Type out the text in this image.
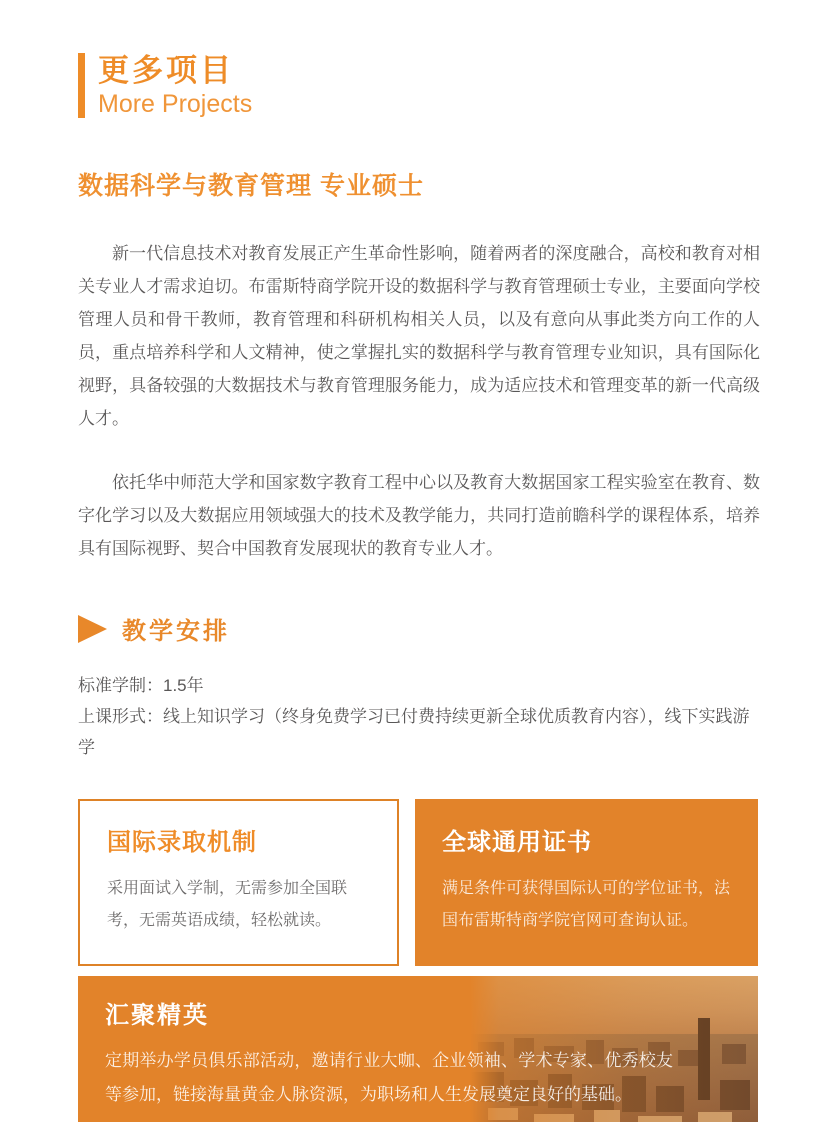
更多项目
More Projects
数据科学与教育管理 专业硕士

新一代信息技术对教育发展正产生革命性影响，随着两者的深度融合，高校和教育对相关专业人才需求迫切。布雷斯特商学院开设的数据科学与教育管理硕士专业，主要面向学校管理人员和骨干教师，教育管理和科研机构相关人员，以及有意向从事此类方向工作的人员，重点培养科学和人文精神，使之掌握扎实的数据科学与教育管理专业知识，具有国际化视野，具备较强的大数据技术与教育管理服务能力，成为适应技术和管理变革的新一代高级人才。

依托华中师范大学和国家数字教育工程中心以及教育大数据国家工程实验室在教育、数字化学习以及大数据应用领域强大的技术及教学能力，共同打造前瞻科学的课程体系，培养具有国际视野、契合中国教育发展现状的教育专业人才。

教学安排
标准学制：1.5年
上课形式：线上知识学习（终身免费学习已付费持续更新全球优质教育内容），线下实践游学
国际录取机制

采用面试入学制，无需参加全国联考，无需英语成绩，轻松就读。

全球通用证书

满足条件可获得国际认可的学位证书，法国布雷斯特商学院官网可查询认证。

汇聚精英

定期举办学员俱乐部活动，邀请行业大咖、企业领袖、学术专家、优秀校友等参加，链接海量黄金人脉资源，为职场和人生发展奠定良好的基础。
